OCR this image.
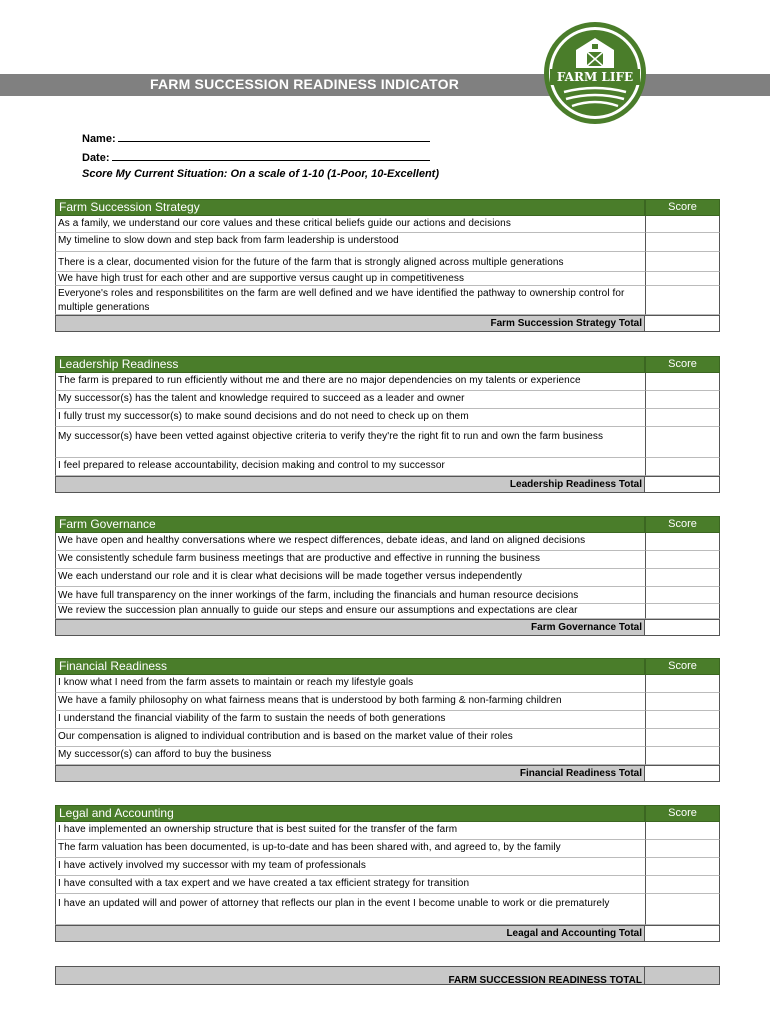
FARM SUCCESSION READINESS INDICATOR	FARM LIFE
Name:
Date:
Score My Current Situation: On a scale of 1-10 (1-Poor, 10-Excellent)
Farm Succession Strategy	Score
As a family, we understand our core values and these critical beliefs guide our actions and decisions
My timeline to slow down and step back from farm leadership is understood
There is a clear, documented vision for the future of the farm that is strongly aligned across multiple generations
We have high trust for each other and are supportive versus caught up in competitiveness
Everyone's roles and responsbilitites on the farm are well defined and we have identified the pathway to ownership control for multiple generations
Farm Succession Strategy Total
Leadership Readiness	Score
The farm is prepared to run efficiently without me and there are no major dependencies on my talents or experience
My successor(s) has the talent and knowledge required to succeed as a leader and owner
I fully trust my successor(s) to make sound decisions and do not need to check up on them
My successor(s) have been vetted against objective criteria to verify they're the right fit to run and own the farm business
I feel prepared to release accountability, decision making and control to my successor
Leadership Readiness Total
Farm Governance	Score
We have open and healthy conversations where we respect differences, debate ideas, and land on aligned decisions
We consistently schedule farm business meetings that are productive and effective in running the business
We each understand our role and it is clear what decisions will be made together versus independently
We have full transparency on the inner workings of the farm, including the financials and human resource decisions
We review the succession plan annually to guide our steps and ensure our assumptions and expectations are clear
Farm Governance Total
Financial Readiness	Score
I know what I need from the farm assets to maintain or reach my lifestyle goals
We have a family philosophy on what fairness means that is understood by both farming & non-farming children
I understand the financial viability of the farm to sustain the needs of both generations
Our compensation is aligned to individual contribution and is based on the market value of their roles
My successor(s) can afford to buy the business
Financial Readiness Total
Legal and Accounting	Score
I have implemented an ownership structure that is best suited for the transfer of the farm
The farm valuation has been documented, is up-to-date and has been shared with, and agreed to, by the family
I have actively involved my successor with my team of professionals
I have consulted with a tax expert and we have created a tax efficient strategy for transition
I have an updated will and power of attorney that reflects our plan in the event I become unable to work or die prematurely
Leagal and Accounting Total
FARM SUCCESSION READINESS TOTAL
